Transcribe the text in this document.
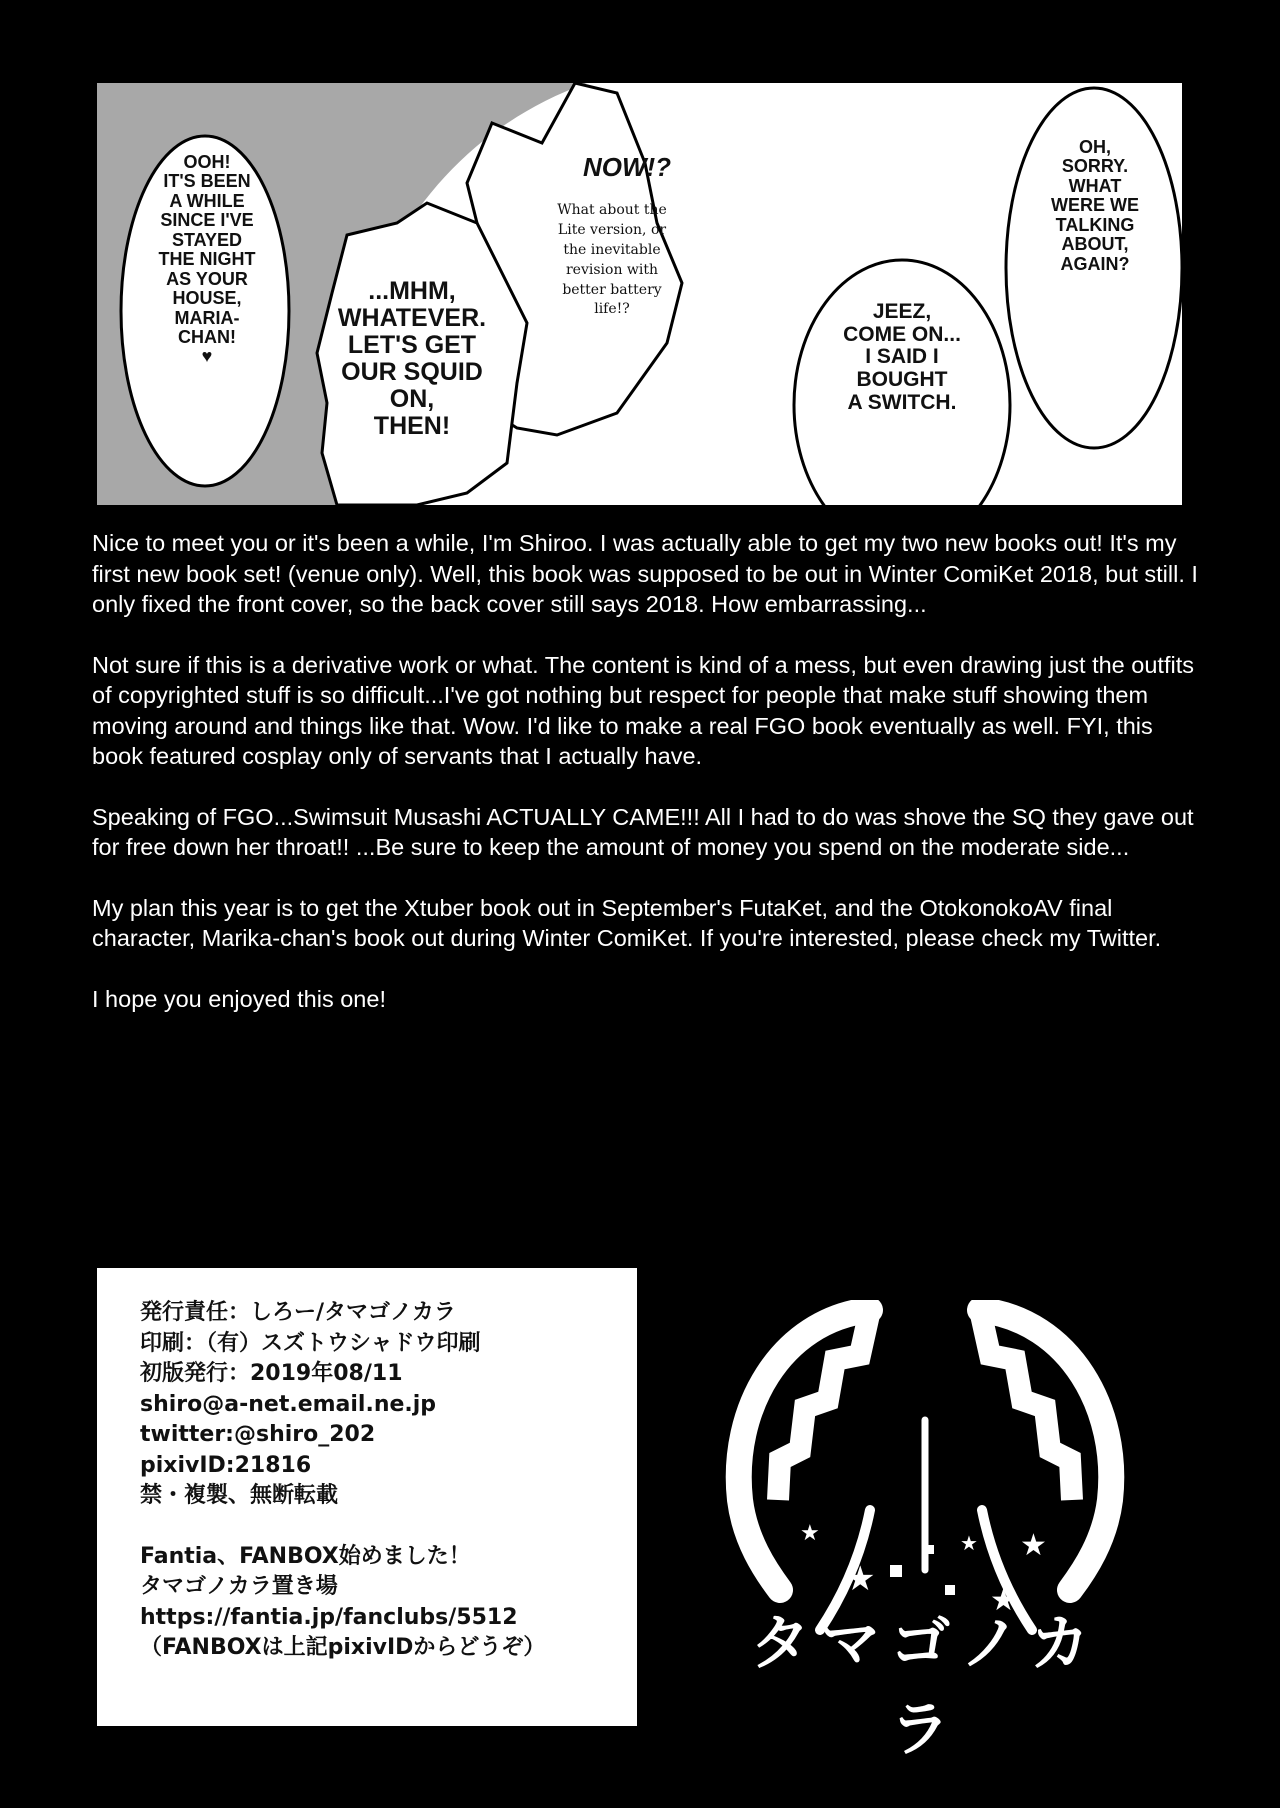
OOH!
IT'S BEEN
A WHILE
SINCE I'VE
STAYED
THE NIGHT
AS YOUR
HOUSE,
MARIA-
CHAN!
♥
...MHM,
WHATEVER.
LET'S GET
OUR SQUID
ON,
THEN!
NOW!?
What about the
Lite version, or
the inevitable
revision with
better battery
life!?	JEEZ,
COME ON...
I SAID I
BOUGHT
A SWITCH.
OH,
SORRY.
WHAT
WERE WE
TALKING
ABOUT,
AGAIN?

Nice to meet you or it's been a while, I'm Shiroo. I was actually able to get my two new books out! It's my first new book set! (venue only). Well, this book was supposed to be out in Winter ComiKet 2018, but still. I only fixed the front cover, so the back cover still says 2018. How embarrassing...

Not sure if this is a derivative work or what. The content is kind of a mess, but even drawing just the outfits of copyrighted stuff is so difficult...I've got nothing but respect for people that make stuff showing them moving around and things like that. Wow. I'd like to make a real FGO book eventually as well. FYI, this book featured cosplay only of servants that I actually have.

Speaking of FGO...Swimsuit Musashi ACTUALLY CAME!!! All I had to do was shove the SQ they gave out for free down her throat!! ...Be sure to keep the amount of money you spend on the moderate side...

My plan this year is to get the Xtuber book out in September's FutaKet, and the OtokonokoAV final character, Marika-chan's book out during Winter ComiKet. If you're interested, please check my Twitter.

I hope you enjoyed this one!

発行責任：しろー/タマゴノカラ
印刷：（有）スズトウシャドウ印刷
初版発行：2019年08/11
shiro@a-net.email.ne.jp
twitter:@shiro_202
pixivID:21816
禁・複製、無断転載
Fantia、FANBOX始めました！
タマゴノカラ置き場
https://fantia.jp/fanclubs/5512
（FANBOXは上記pixivIDからどうぞ）
★
★
★
★
★
タマゴノカラ
